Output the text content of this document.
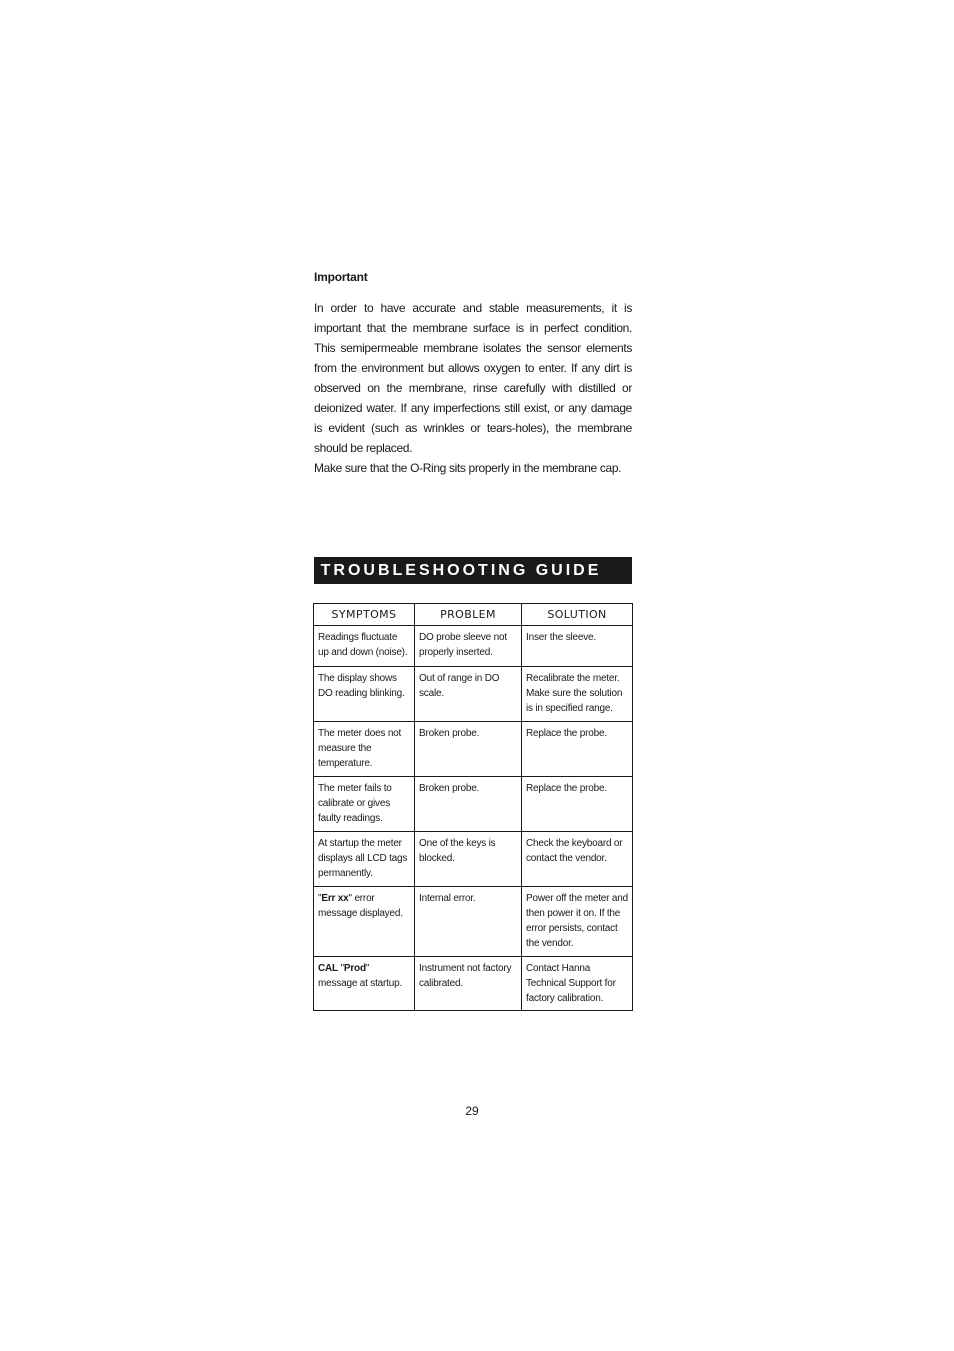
Important

In order to have accurate and stable measurements, it is important that the membrane surface is in perfect condition. This semipermeable membrane isolates the sensor elements from the environment but allows oxygen to enter. If any dirt is observed on the membrane, rinse carefully with distilled or deionized water. If any imperfections still exist, or any damage is evident (such as wrinkles or tears-holes), the membrane should be replaced.

Make sure that the O-Ring sits properly in the membrane cap.

TROUBLESHOOTING GUIDE
SYMPTOMS	PROBLEM	SOLUTION
Readings fluctuate up and down (noise).	DO probe sleeve not properly inserted.	Inser the sleeve.
The display shows DO reading blinking.	Out of range in DO scale.	Recalibrate the meter. Make sure the solution is in specified range.
The meter does not measure the temperature.	Broken probe.	Replace the probe.
The meter fails to calibrate or gives faulty readings.	Broken probe.	Replace the probe.
At startup the meter displays all LCD tags permanently.	One of the keys is blocked.	Check the keyboard or contact the vendor.
"Err xx" error message displayed.	Internal error.	Power off the meter and then power it on. If the error persists, contact the vendor.
CAL "Prod" message at startup.	Instrument not factory calibrated.	Contact Hanna Technical Support for factory calibration.
29
